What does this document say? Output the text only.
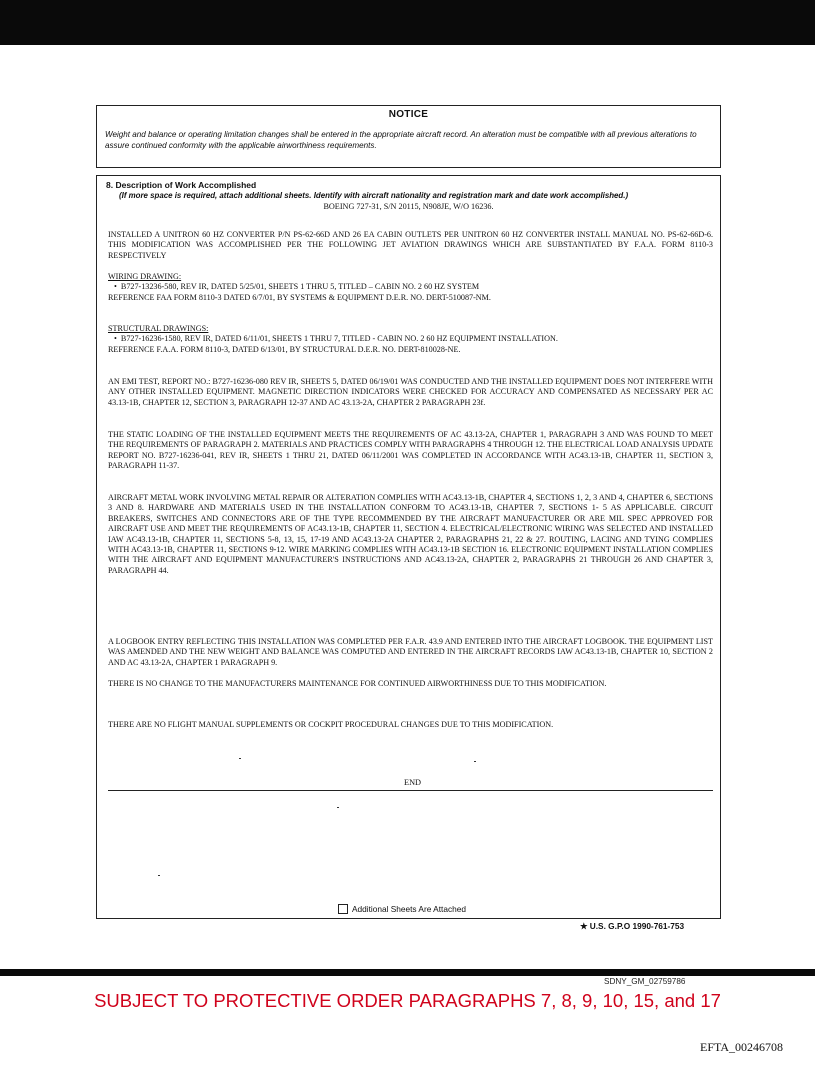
NOTICE
Weight and balance or operating limitation changes shall be entered in the appropriate aircraft record. An alteration must be compatible with all previous alterations to assure continued conformity with the applicable airworthiness requirements.
8. Description of Work Accomplished
(If more space is required, attach additional sheets. Identify with aircraft nationality and registration mark and date work accomplished.)
BOEING 727-31, S/N 20115, N908JE, W/O 16236.
INSTALLED A UNITRON 60 HZ CONVERTER P/N PS-62-66D AND 26 EA CABIN OUTLETS PER UNITRON 60 HZ CONVERTER INSTALL MANUAL NO. PS-62-66D-6. THIS MODIFICATION WAS ACCOMPLISHED PER THE FOLLOWING JET AVIATION DRAWINGS WHICH ARE SUBSTANTIATED BY F.A.A. FORM 8110-3 RESPECTIVELY
WIRING DRAWING:
•  B727-13236-580, REV IR, DATED 5/25/01, SHEETS 1 THRU 5, TITLED – CABIN NO. 2 60 HZ SYSTEM
REFERENCE FAA FORM 8110-3 DATED 6/7/01, BY SYSTEMS & EQUIPMENT D.E.R. NO. DERT-510087-NM.
STRUCTURAL DRAWINGS:
•  B727-16236-1580, REV IR, DATED 6/11/01, SHEETS 1 THRU 7, TITLED - CABIN NO. 2 60 HZ EQUIPMENT INSTALLATION.
REFERENCE F.A.A. FORM 8110-3, DATED 6/13/01, BY STRUCTURAL D.E.R. NO. DERT-810028-NE.
AN EMI TEST, REPORT NO.: B727-16236-080 REV IR, SHEETS 5, DATED 06/19/01 WAS CONDUCTED AND THE INSTALLED EQUIPMENT DOES NOT INTERFERE WITH ANY OTHER INSTALLED EQUIPMENT. MAGNETIC DIRECTION INDICATORS WERE CHECKED FOR ACCURACY AND COMPENSATED AS NECESSARY PER AC 43.13-1B, CHAPTER 12, SECTION 3, PARAGRAPH 12-37 AND AC 43.13-2A, CHAPTER 2 PARAGRAPH 23f.
THE STATIC LOADING OF THE INSTALLED EQUIPMENT MEETS THE REQUIREMENTS OF AC 43.13-2A, CHAPTER 1, PARAGRAPH 3 AND WAS FOUND TO MEET THE REQUIREMENTS OF PARAGRAPH 2. MATERIALS AND PRACTICES COMPLY WITH PARAGRAPHS 4 THROUGH 12. THE ELECTRICAL LOAD ANALYSIS UPDATE REPORT NO. B727-16236-041, REV IR, SHEETS 1 THRU 21, DATED 06/11/2001 WAS COMPLETED IN ACCORDANCE WITH AC43.13-1B, CHAPTER 11, SECTION 3, PARAGRAPH 11-37.
AIRCRAFT METAL WORK INVOLVING METAL REPAIR OR ALTERATION COMPLIES WITH AC43.13-1B, CHAPTER 4, SECTIONS 1, 2, 3 AND 4, CHAPTER 6, SECTIONS 3 AND 8. HARDWARE AND MATERIALS USED IN THE INSTALLATION CONFORM TO AC43.13-1B, CHAPTER 7, SECTIONS 1- 5 AS APPLICABLE. CIRCUIT BREAKERS, SWITCHES AND CONNECTORS ARE OF THE TYPE RECOMMENDED BY THE AIRCRAFT MANUFACTURER OR ARE MIL SPEC APPROVED FOR AIRCRAFT USE AND MEET THE REQUIREMENTS OF AC43.13-1B, CHAPTER 11, SECTION 4. ELECTRICAL/ELECTRONIC WIRING WAS SELECTED AND INSTALLED IAW AC43.13-1B, CHAPTER 11, SECTIONS 5-8, 13, 15, 17-19 AND AC43.13-2A CHAPTER 2, PARAGRAPHS 21, 22 & 27. ROUTING, LACING AND TYING COMPLIES WITH AC43.13-1B, CHAPTER 11, SECTIONS 9-12. WIRE MARKING COMPLIES WITH AC43.13-1B SECTION 16. ELECTRONIC EQUIPMENT INSTALLATION COMPLIES WITH THE AIRCRAFT AND EQUIPMENT MANUFACTURER'S INSTRUCTIONS AND AC43.13-2A, CHAPTER 2, PARAGRAPHS 21 THROUGH 26 AND CHAPTER 3, PARAGRAPH 44.
A LOGBOOK ENTRY REFLECTING THIS INSTALLATION WAS COMPLETED PER F.A.R. 43.9 AND ENTERED INTO THE AIRCRAFT LOGBOOK. THE EQUIPMENT LIST WAS AMENDED AND THE NEW WEIGHT AND BALANCE WAS COMPUTED AND ENTERED IN THE AIRCRAFT RECORDS IAW AC43.13-1B, CHAPTER 10, SECTION 2 AND AC 43.13-2A, CHAPTER 1 PARAGRAPH 9.
THERE IS NO CHANGE TO THE MANUFACTURERS MAINTENANCE FOR CONTINUED AIRWORTHINESS DUE TO THIS MODIFICATION.
THERE ARE NO FLIGHT MANUAL SUPPLEMENTS OR COCKPIT PROCEDURAL CHANGES DUE TO THIS MODIFICATION.
END
Additional Sheets Are Attached
★ U.S. G.P.O 1990-761-753
SDNY_GM_02759786
SUBJECT TO PROTECTIVE ORDER PARAGRAPHS 7, 8, 9, 10, 15, and 17
EFTA_00246708
